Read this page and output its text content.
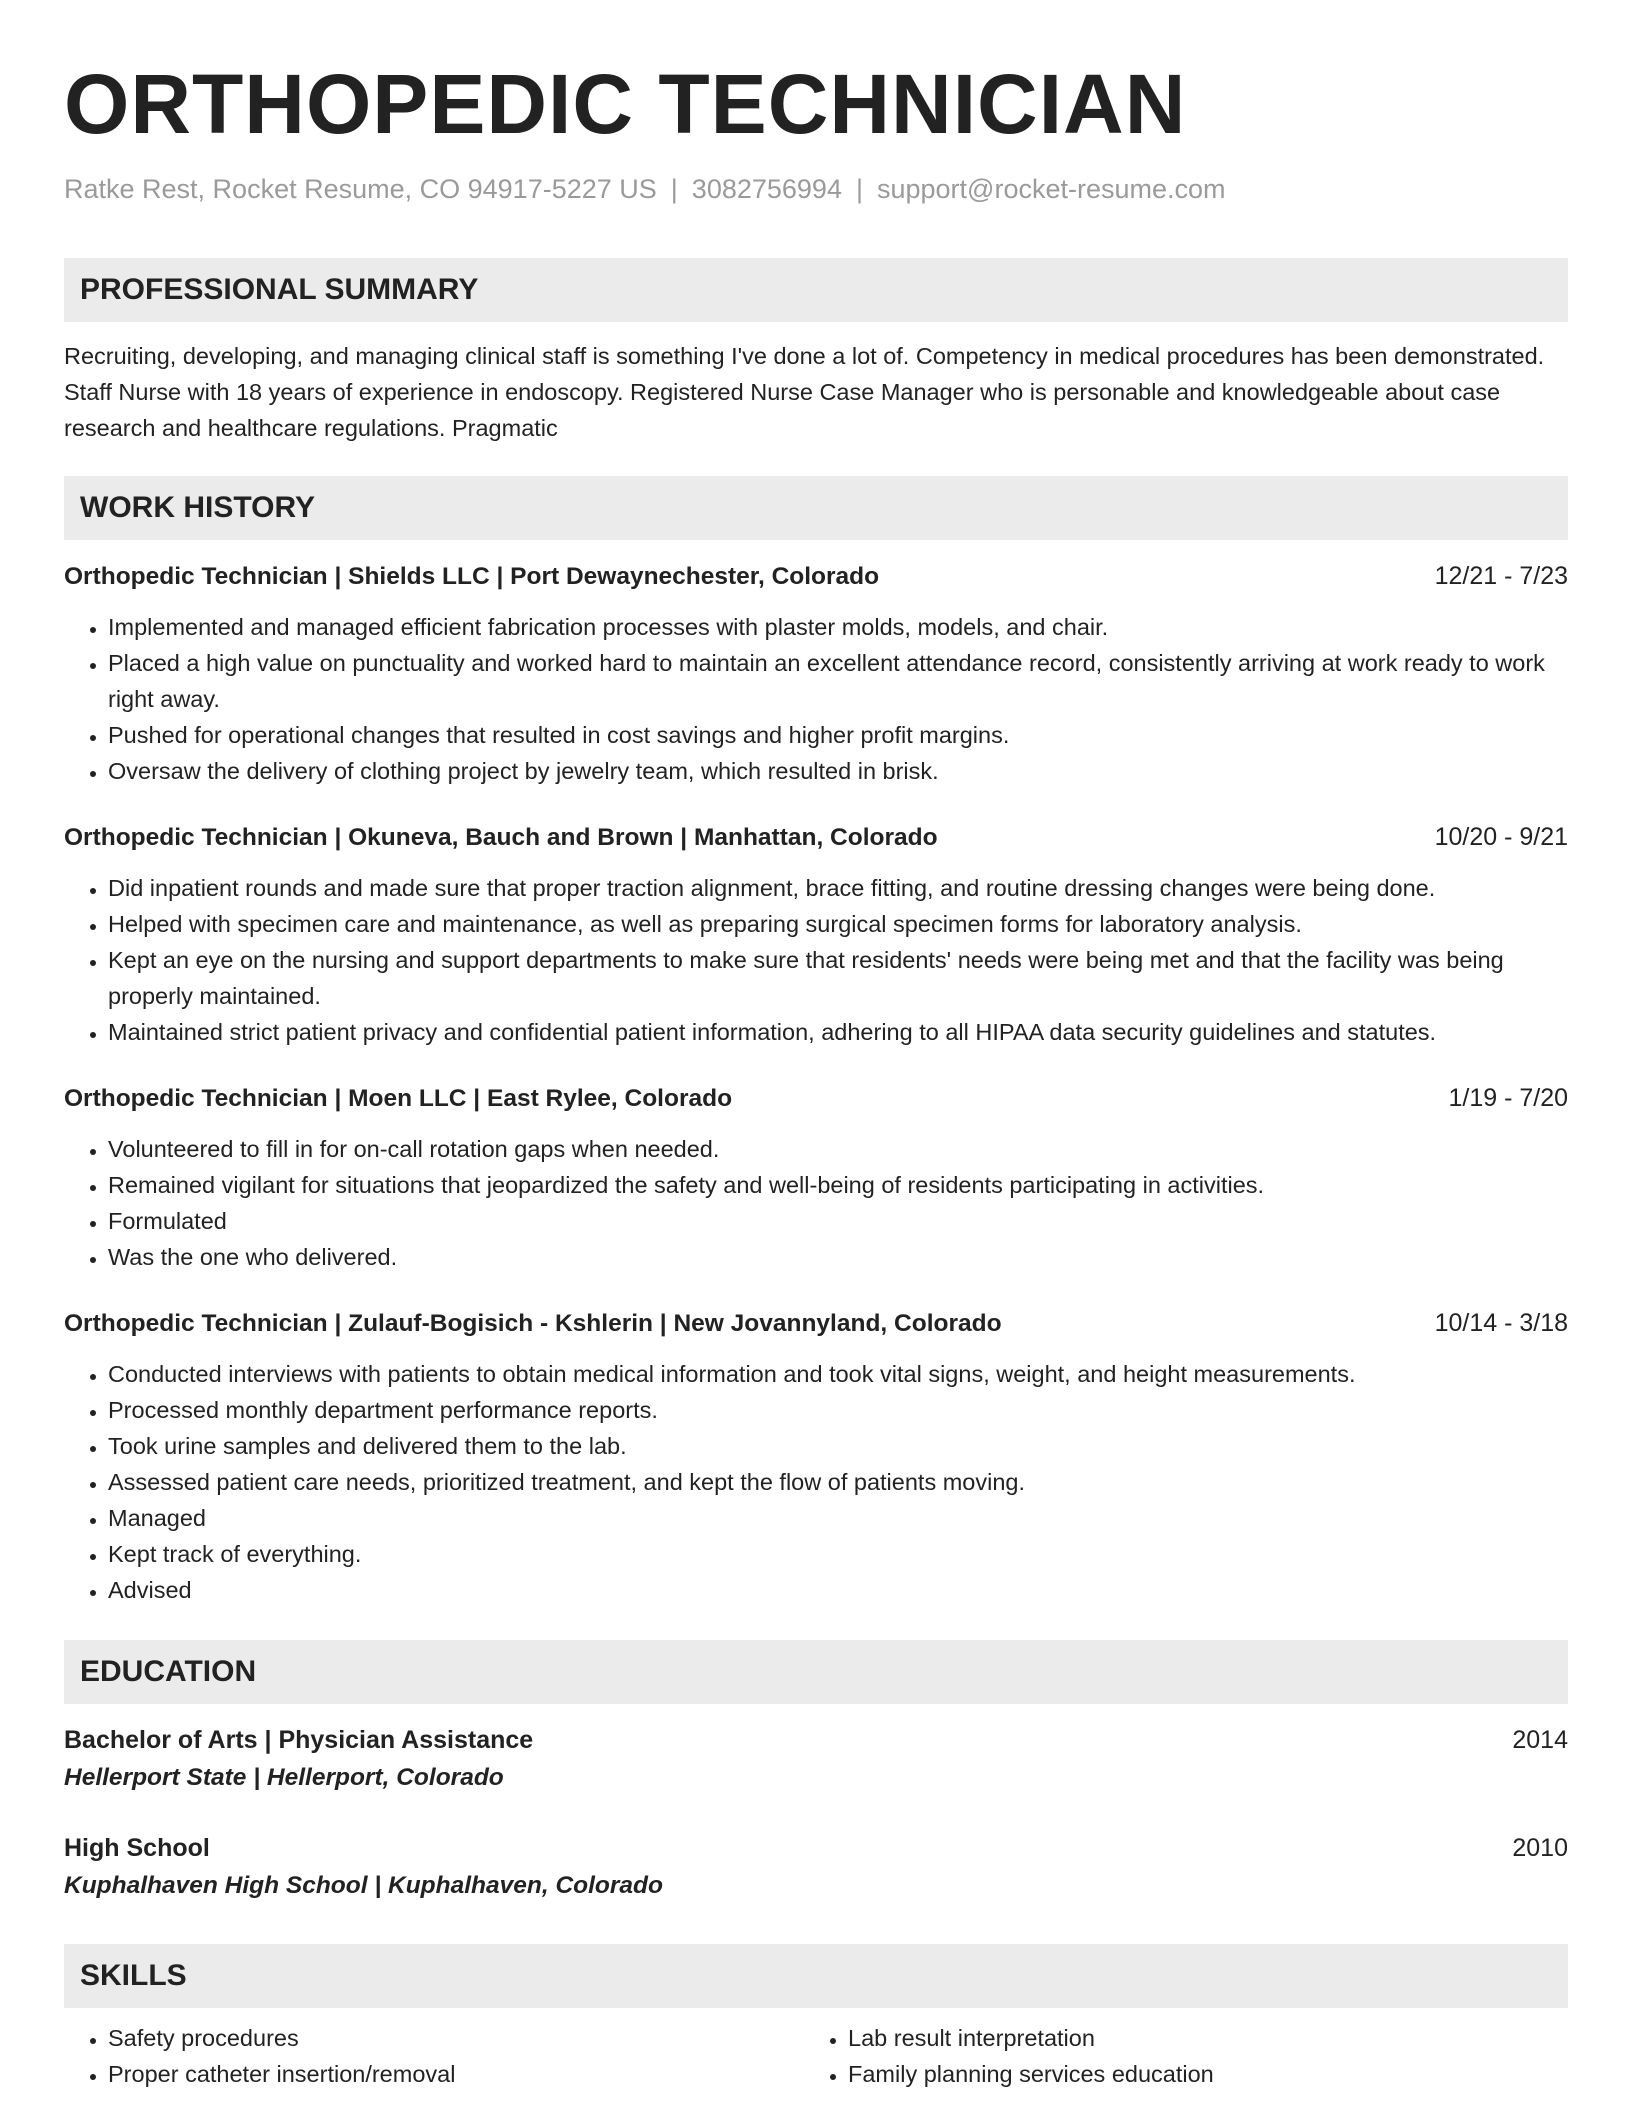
ORTHOPEDIC TECHNICIAN
Ratke Rest, Rocket Resume, CO 94917-5227 US | 3082756994 | support@rocket-resume.com
PROFESSIONAL SUMMARY
Recruiting, developing, and managing clinical staff is something I've done a lot of. Competency in medical procedures has been demonstrated. Staff Nurse with 18 years of experience in endoscopy. Registered Nurse Case Manager who is personable and knowledgeable about case research and healthcare regulations. Pragmatic
WORK HISTORY
Orthopedic Technician | Shields LLC | Port Dewaynechester, Colorado	12/21 - 7/23
• Implemented and managed efficient fabrication processes with plaster molds, models, and chair.
• Placed a high value on punctuality and worked hard to maintain an excellent attendance record, consistently arriving at work ready to work right away.
• Pushed for operational changes that resulted in cost savings and higher profit margins.
• Oversaw the delivery of clothing project by jewelry team, which resulted in brisk.
Orthopedic Technician | Okuneva, Bauch and Brown | Manhattan, Colorado	10/20 - 9/21
• Did inpatient rounds and made sure that proper traction alignment, brace fitting, and routine dressing changes were being done.
• Helped with specimen care and maintenance, as well as preparing surgical specimen forms for laboratory analysis.
• Kept an eye on the nursing and support departments to make sure that residents' needs were being met and that the facility was being properly maintained.
• Maintained strict patient privacy and confidential patient information, adhering to all HIPAA data security guidelines and statutes.
Orthopedic Technician | Moen LLC | East Rylee, Colorado	1/19 - 7/20
• Volunteered to fill in for on-call rotation gaps when needed.
• Remained vigilant for situations that jeopardized the safety and well-being of residents participating in activities.
• Formulated
• Was the one who delivered.
Orthopedic Technician | Zulauf-Bogisich - Kshlerin | New Jovannyland, Colorado	10/14 - 3/18
• Conducted interviews with patients to obtain medical information and took vital signs, weight, and height measurements.
• Processed monthly department performance reports.
• Took urine samples and delivered them to the lab.
• Assessed patient care needs, prioritized treatment, and kept the flow of patients moving.
• Managed
• Kept track of everything.
• Advised
EDUCATION
Bachelor of Arts | Physician Assistance	2014
Hellerport State | Hellerport, Colorado
High School	2010
Kuphalhaven High School | Kuphalhaven, Colorado
SKILLS
• Safety procedures
• Proper catheter insertion/removal
• Lab result interpretation
• Family planning services education
